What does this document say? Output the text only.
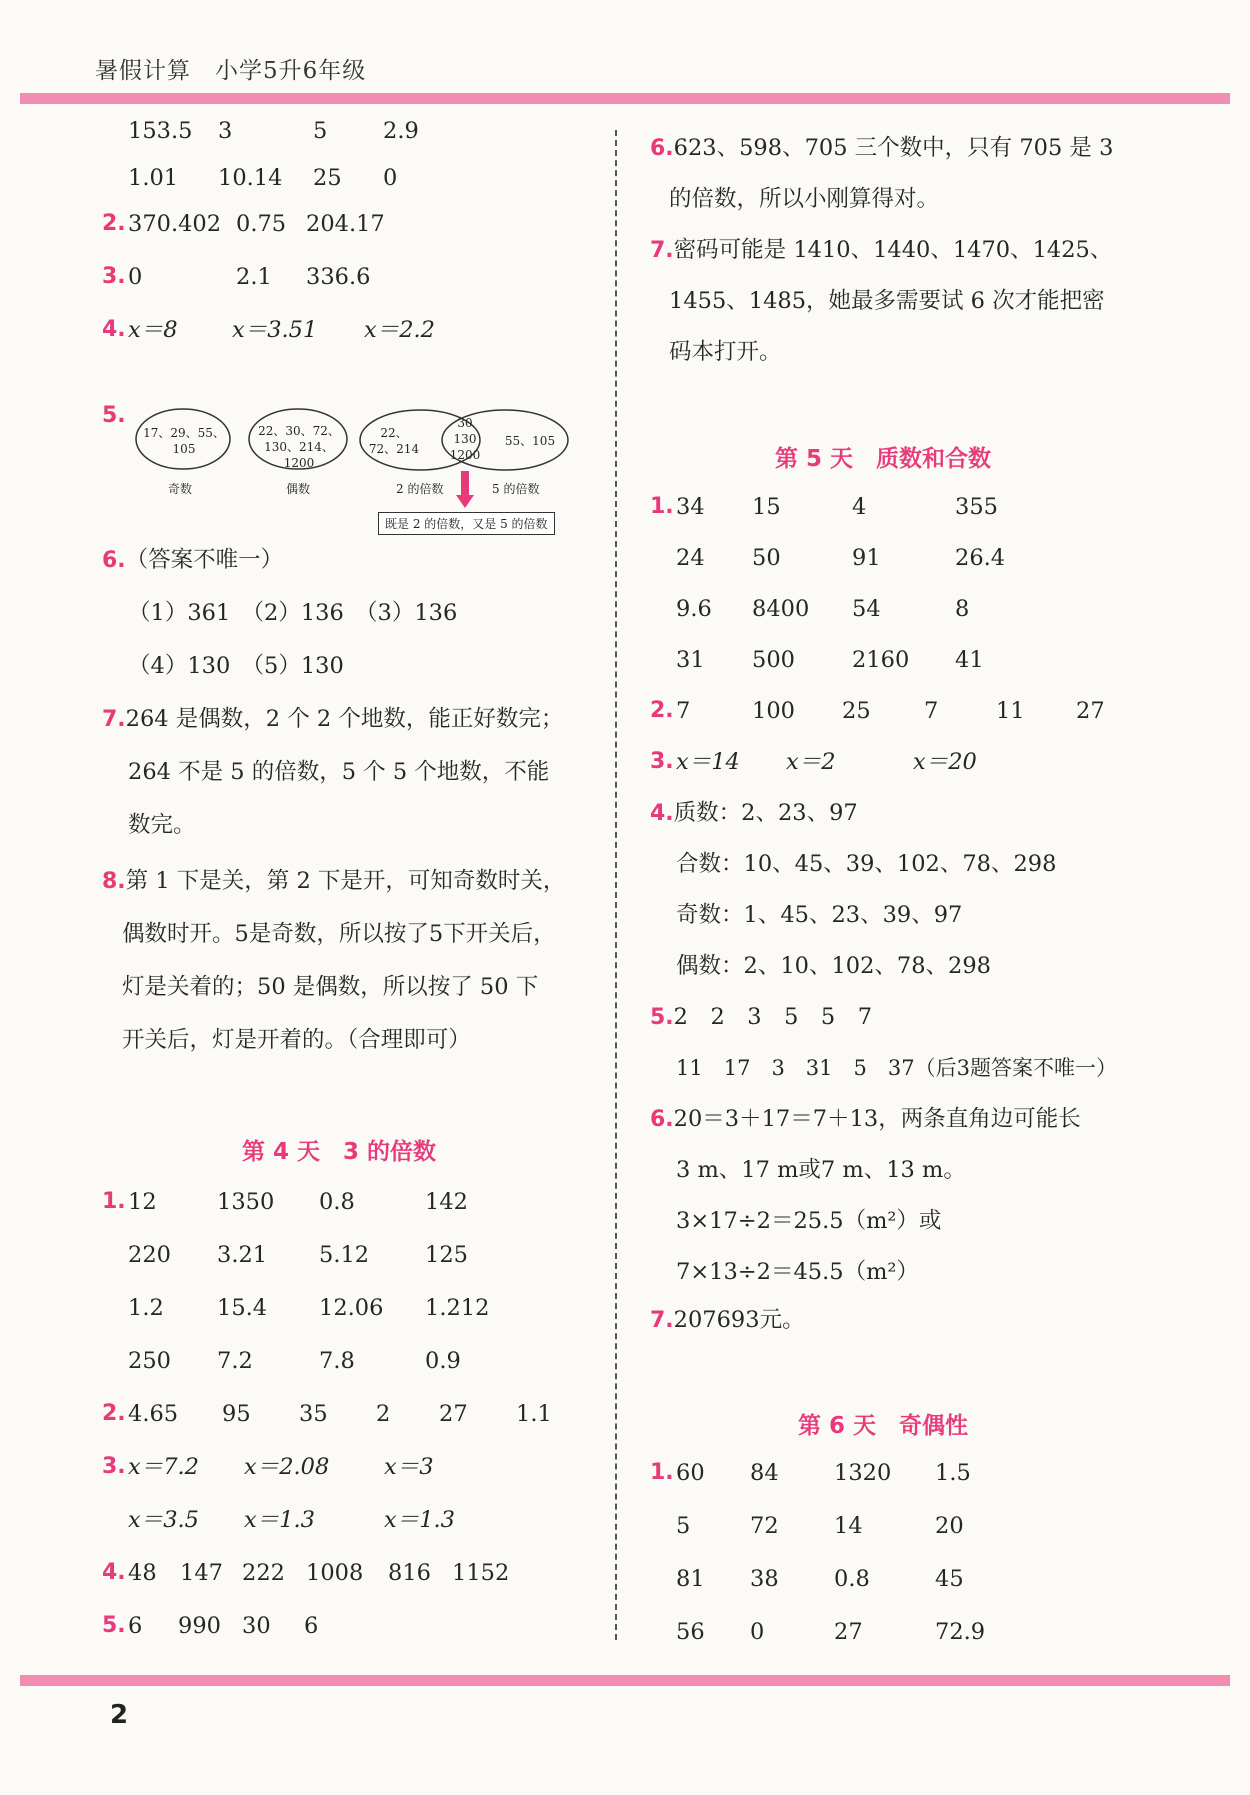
暑假计算　小学5升6年级
153.5 3	5 2.9
1.01 10.14 25 0
2. 370.402 0.75 204.17
3. 0	2.1 336.6
4. x＝8 x＝3.51 x＝2.2
5.
17、29、55、105
22、30、72、130、214、1200
22、72、214
30 130 1200
55、105
奇数	偶数	2 的倍数	5 的倍数
既是 2 的倍数，又是 5 的倍数
6.（答案不唯一）
（1）361　（2）136　（3）136
（4）130　（5）130
7.264 是偶数，2 个 2 个地数，能正好数完；
264 不是 5 的倍数，5 个 5 个地数，不能
数完。
8.第 1 下是关，第 2 下是开，可知奇数时关，
偶数时开。5是奇数，所以按了5下开关后，
灯是关着的；50 是偶数，所以按了 50 下
开关后，灯是开着的。（合理即可）
第 4 天　3 的倍数
1. 12	1350 0.8	142
220 3.21 5.12 125
1.2 15.4 12.06 1.212
250 7.2	7.8	0.9
2. 4.65 95 35 2 27 1.1
3. x＝7.2 x＝2.08 x＝3
x＝3.5 x＝1.3	x＝1.3
4. 48 147 222 1008 816 1152
5. 6 990 30 6
6.623、598、705 三个数中，只有 705 是 3
的倍数，所以小刚算得对。
7.密码可能是 1410、1440、1470、1425、
1455、1485，她最多需要试 6 次才能把密
码本打开。
第 5 天　质数和合数
1. 34 15	4	355
24 50	91	26.4
9.6 8400 54	8
31 500	2160 41
2. 7	100 25 7	11 27
3. x＝14 x＝2	x＝20
4.质数：2、23、97
合数：10、45、39、102、78、298
奇数：1、45、23、39、97
偶数：2、10、102、78、298
5.2　2　3　5　5　7
11　17　3　31　5　37（后3题答案不唯一）
6.20＝3＋17＝7＋13，两条直角边可能长
3 m、17 m或7 m、13 m。
3×17÷2＝25.5（m²）或
7×13÷2＝45.5（m²）
7.207693元。
第 6 天　奇偶性
1. 60 84 1320 1.5
5	72 14	20
81 38 0.8	45
56 0	27	72.9
2
